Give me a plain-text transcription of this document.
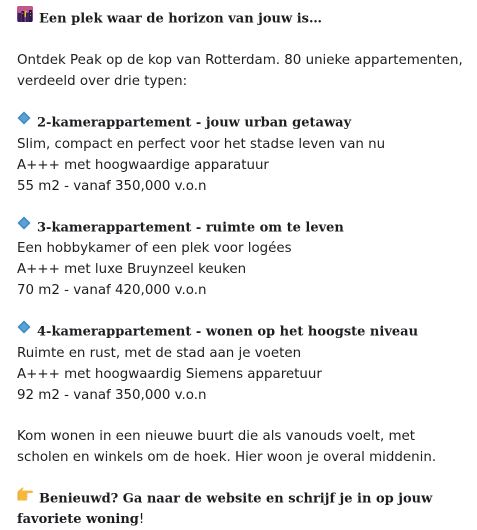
Een plek waar de horizon van jouw is…
Ontdek Peak op de kop van Rotterdam. 80 unieke appartementen, verdeeld over drie typen:
2-kamerappartement - jouw urban getaway
Slim, compact en perfect voor het stadse leven van nu
A+++ met hoogwaardige apparatuur
55 m2 - vanaf 350,000 v.o.n
3-kamerappartement - ruimte om te leven
Een hobbykamer of een plek voor logées
A+++ met luxe Bruynzeel keuken
70 m2 - vanaf 420,000 v.o.n
4-kamerappartement - wonen op het hoogste niveau
Ruimte en rust, met de stad aan je voeten
A+++ met hoogwaardig Siemens apparetuur
92 m2 - vanaf 350,000 v.o.n
Kom wonen in een nieuwe buurt die als vanouds voelt, met scholen en winkels om de hoek. Hier woon je overal middenin.
Benieuwd? Ga naar de website en schrijf je in op jouw favoriete woning!
